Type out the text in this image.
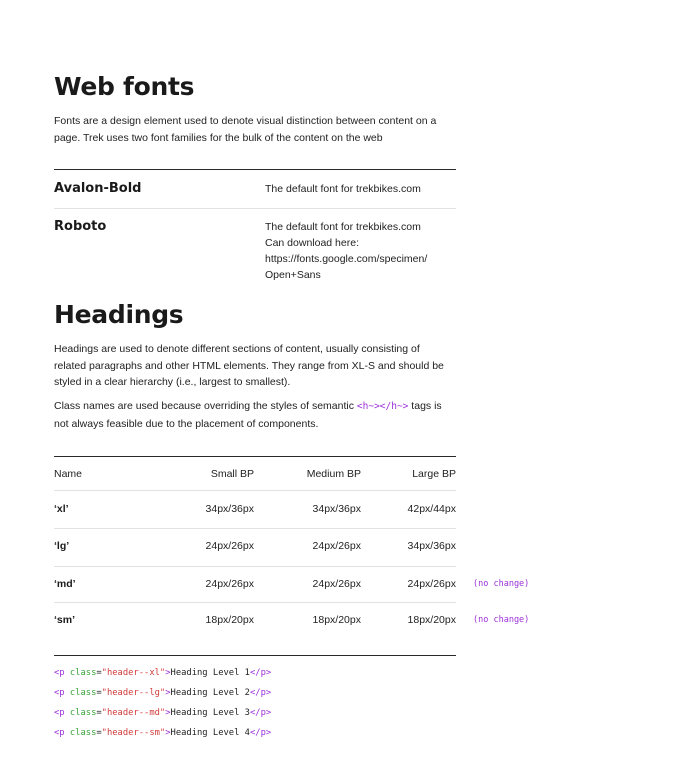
Web fonts

Fonts are a design element used to denote visual distinction between content on a
page. Trek uses two font families for the bulk of the content on the web

Avalon-Bold	The default font for trekbikes.com
Roboto	The default font for trekbikes.com
Can download here:
https://fonts.google.com/specimen/
Open+Sans
Headings

Headings are used to denote different sections of content, usually consisting of
related paragraphs and other HTML elements. They range from XL-S and should be
styled in a clear hierarchy (i.e., largest to smallest).

Class names are used because overriding the styles of semantic <h~></h~> tags is
not always feasible due to the placement of components.

Name	Small BP	Medium BP	Large BP
‘xl’	34px/36px	34px/36px	42px/44px
‘lg’	24px/26px	24px/26px	34px/36px
‘md’	24px/26px	24px/26px	24px/26px (no change)
‘sm’	18px/20px	18px/20px	18px/20px (no change)
<p class="header--xl">Heading Level 1</p>
<p class="header--lg">Heading Level 2</p>
<p class="header--md">Heading Level 3</p>
<p class="header--sm">Heading Level 4</p>
